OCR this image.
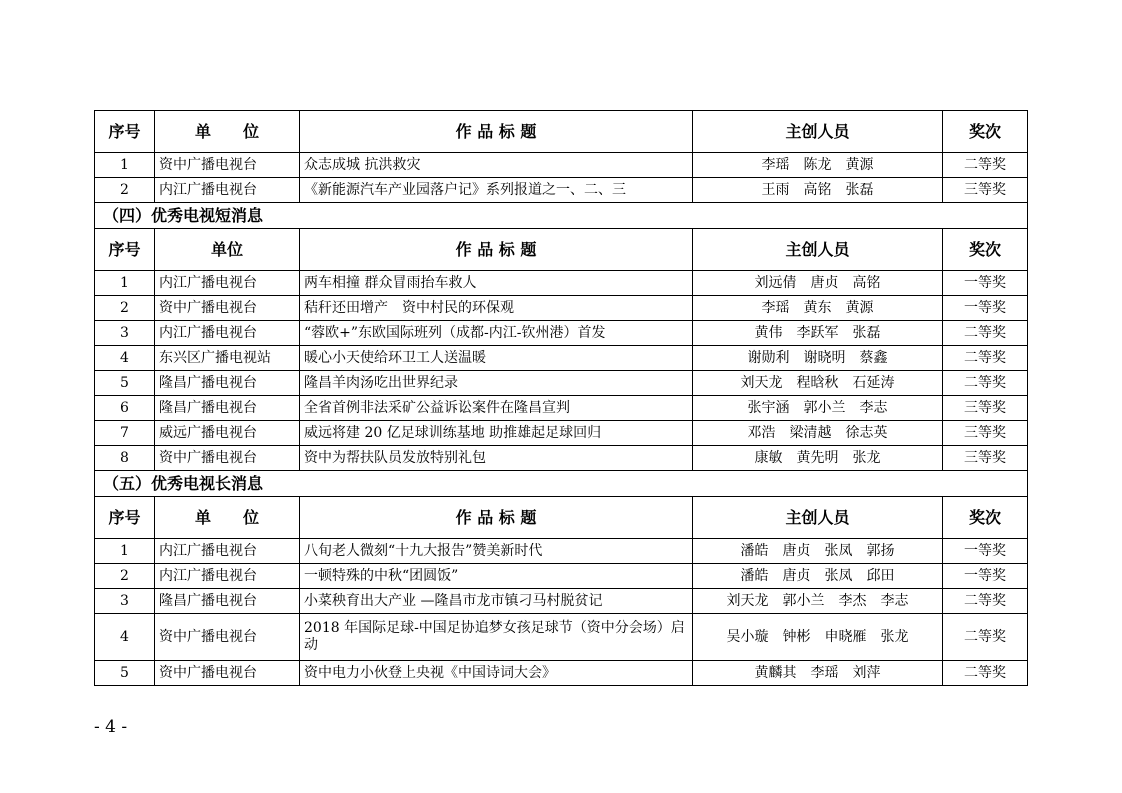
序号	单　　位	作 品 标 题	主创人员	奖次
1	资中广播电视台	众志成城 抗洪救灾	李瑶　陈龙　黄源	二等奖
2	内江广播电视台	《新能源汽车产业园落户记》系列报道之一、二、三	王雨　高铭　张磊	三等奖
（四）优秀电视短消息				
序号	单位	作 品 标 题	主创人员	奖次
1	内江广播电视台	两车相撞 群众冒雨抬车救人	刘远倩　唐贞　高铭	一等奖
2	资中广播电视台	秸秆还田增产　资中村民的环保观	李瑶　黄东　黄源	一等奖
3	内江广播电视台	“蓉欧+”东欧国际班列（成都-内江-钦州港）首发	黄伟　李跃军　张磊	二等奖
4	东兴区广播电视站	暖心小天使给环卫工人送温暖	谢勋利　谢晓明　蔡鑫	二等奖
5	隆昌广播电视台	隆昌羊肉汤吃出世界纪录	刘天龙　程晗秋　石延涛	二等奖
6	隆昌广播电视台	全省首例非法采矿公益诉讼案件在隆昌宣判	张宇涵　郭小兰　李志	三等奖
7	威远广播电视台	威远将建 20 亿足球训练基地 助推雄起足球回归	邓浩　梁清越　徐志英	三等奖
8	资中广播电视台	资中为帮扶队员发放特别礼包	康敏　黄先明　张龙	三等奖
（五）优秀电视长消息				
序号	单　　位	作 品 标 题	主创人员	奖次
1	内江广播电视台	八旬老人微刻“十九大报告”赞美新时代	潘皓　唐贞　张凤　郭扬	一等奖
2	内江广播电视台	一顿特殊的中秋“团圆饭”	潘皓　唐贞　张凤　邱田	一等奖
3	隆昌广播电视台	小菜秧育出大产业 —隆昌市龙市镇刁马村脱贫记	刘天龙　郭小兰　李杰　李志	二等奖
4	资中广播电视台	2018 年国际足球-中国足协追梦女孩足球节（资中分会场）启动	吴小璇　钟彬　申晓雁　张龙	二等奖
5	资中广播电视台	资中电力小伙登上央视《中国诗词大会》	黄麟其　李瑶　刘萍	二等奖
- 4 -
